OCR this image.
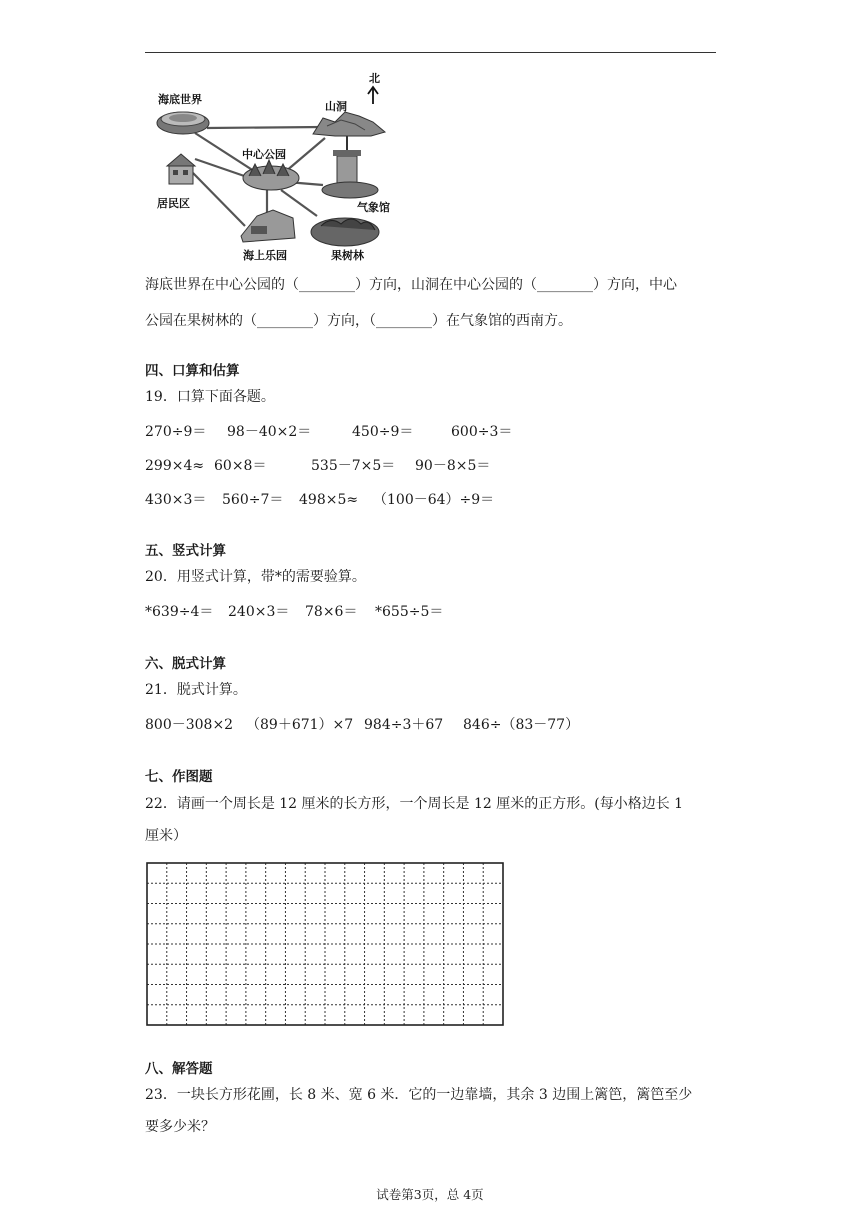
北
海底世界
山洞
中心公园
居民区	气象馆
海上乐园	果树林
海底世界在中心公园的（________）方向，山洞在中心公园的（________）方向，中心
公园在果树林的（________）方向，（________）在气象馆的西南方。
四、口算和估算
19．口算下面各题。
270÷9＝ 98－40×2＝	450÷9＝	600÷3＝
299×4≈ 60×8＝	535－7×5＝ 90－8×5＝
430×3＝ 560÷7＝ 498×5≈ （100－64）÷9＝
五、竖式计算
20．用竖式计算，带*的需要验算。
*639÷4＝ 240×3＝ 78×6＝ *655÷5＝
六、脱式计算
21．脱式计算。
800－308×2 （89＋671）×7 984÷3＋67 846÷（83－77）
七、作图题
22．请画一个周长是 12 厘米的长方形，一个周长是 12 厘米的正方形。(每小格边长 1
厘米）
八、解答题
23．一块长方形花圃，长 8 米、宽 6 米．它的一边靠墙，其余 3 边围上篱笆，篱笆至少
要多少米？
试卷第3页，总 4页
